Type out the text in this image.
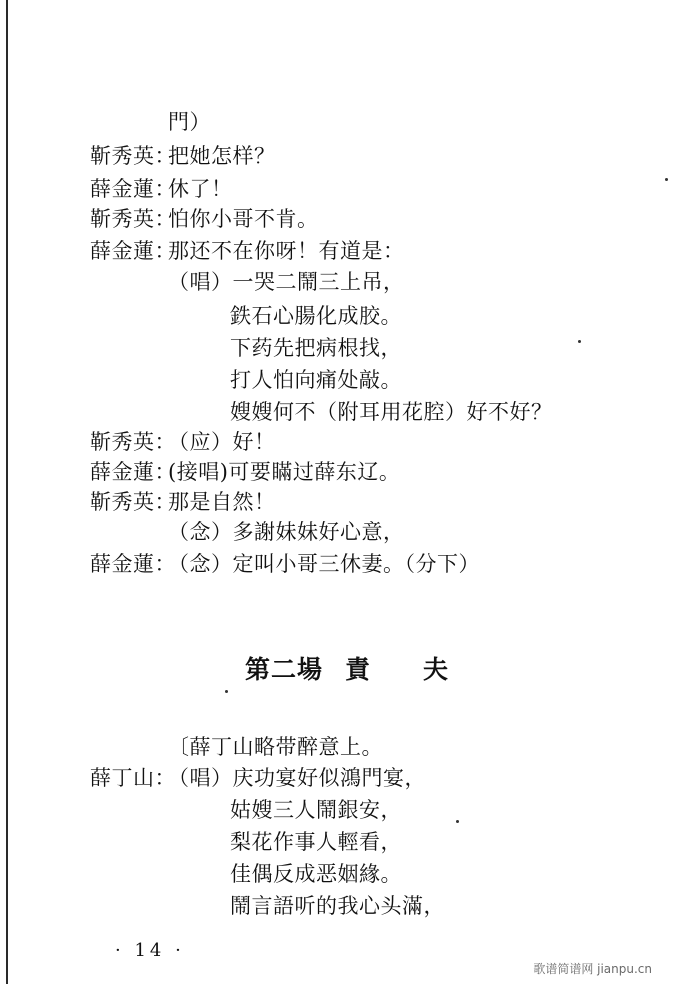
門）
靳秀英：
把她怎样？
薛金蓮：
休了！
靳秀英：
怕你小哥不肯。
薛金蓮：
那还不在你呀！有道是：
（唱）一哭二鬧三上吊，
鉄石心腸化成胶。
下药先把病根找，
打人怕向痛处敲。
嫂嫂何不（附耳用花腔）好不好？
靳秀英：
（应）好！
薛金蓮：
(接唱)可要瞞过薛东辽。
靳秀英：
那是自然！
（念）多謝妹妹好心意，
薛金蓮：
（念）定叫小哥三休妻。（分下）
第二場 責 夫
〔薛丁山略带醉意上。
薛丁山：
（唱）庆功宴好似鴻門宴，
姑嫂三人鬧銀安，
梨花作事人輕看，
佳偶反成恶姻緣。
鬧言語听的我心头滿，
· 14 ·
歌谱简谱网 jianpu.cn
